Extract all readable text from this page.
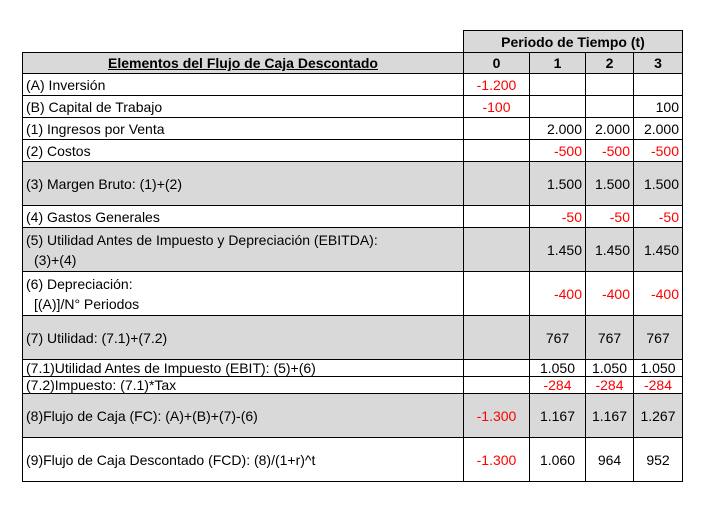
	Periodo de Tiempo (t)			
Elementos del Flujo de Caja Descontado	0	1	2	3
(A) Inversión	-1.200			
(B) Capital de Trabajo	-100			100
(1) Ingresos por Venta		2.000	2.000	2.000
(2) Costos		-500	-500	-500
(3) Margen Bruto: (1)+(2)		1.500	1.500	1.500
(4) Gastos Generales		-50	-50	-50

(5) Utilidad Antes de Impuesto y Depreciación (EBITDA):
(3)+(4)		1.450	1.450	1.450

(6) Depreciación:
[(A)]/N° Periodos		-400	-400	-400
(7) Utilidad: (7.1)+(7.2)		767	767	767
(7.1)Utilidad Antes de Impuesto (EBIT): (5)+(6)		1.050	1.050	1.050
(7.2)Impuesto: (7.1)*Tax		-284	-284	-284
(8)Flujo de Caja (FC): (A)+(B)+(7)-(6)	-1.300	1.167	1.167	1.267
(9)Flujo de Caja Descontado (FCD): (8)/(1+r)^t	-1.300	1.060	964	952
